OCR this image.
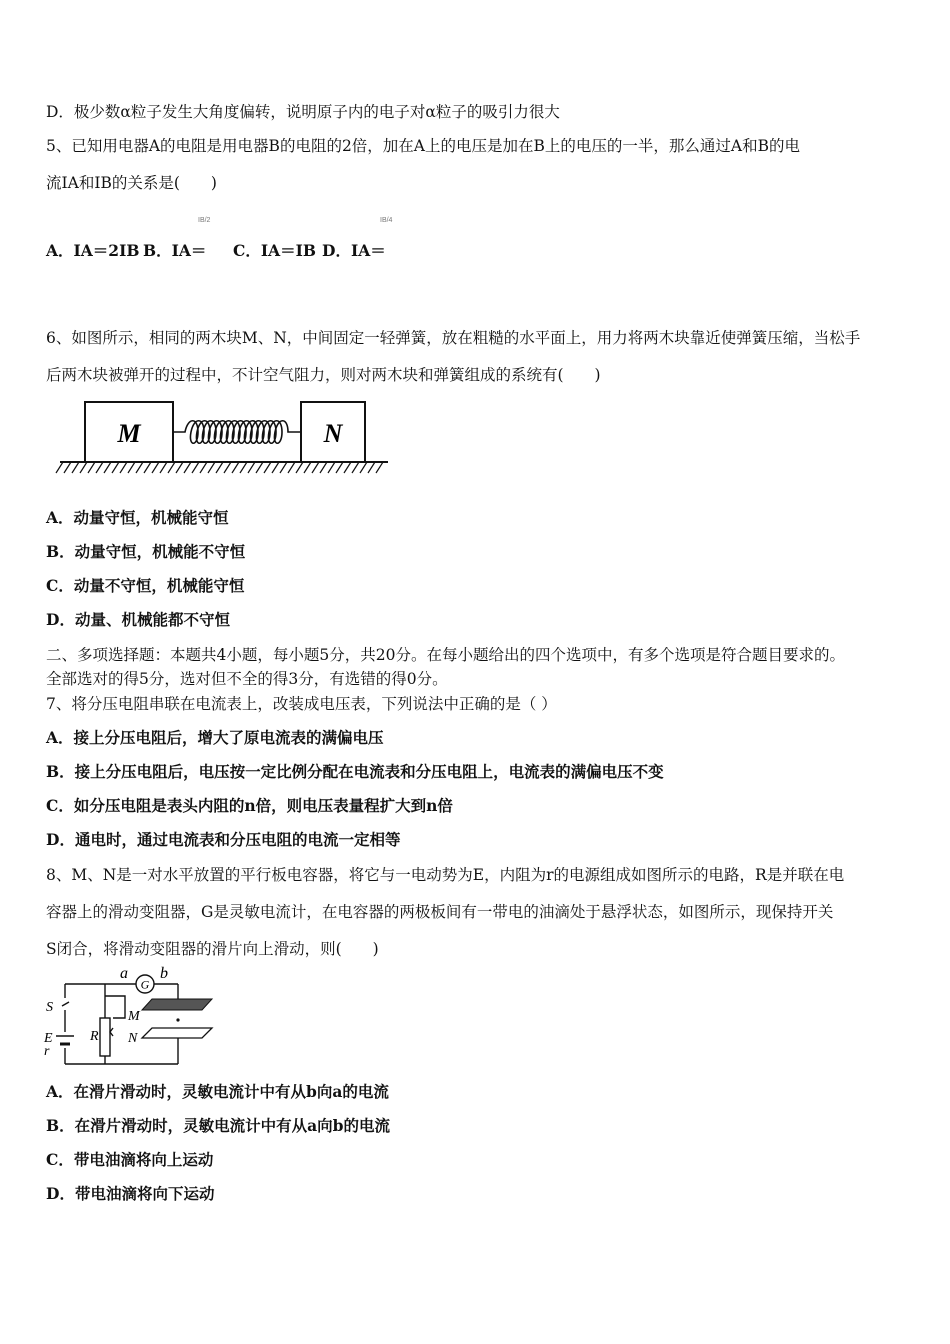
D．极少数α粒子发生大角度偏转，说明原子内的电子对α粒子的吸引力很大
5、已知用电器A的电阻是用电器B的电阻的2倍，加在A上的电压是加在B上的电压的一半，那么通过A和B的电
流IA和IB的关系是(　　)
A．IA＝2IB B．IA＝
IB/2
C．IA＝IB D．IA＝
IB/4
6、如图所示，相同的两木块M、N，中间固定一轻弹簧，放在粗糙的水平面上，用力将两木块靠近使弹簧压缩，当松手
后两木块被弹开的过程中，不计空气阻力，则对两木块和弹簧组成的系统有(　　)
M	N
A．动量守恒，机械能守恒
B．动量守恒，机械能不守恒
C．动量不守恒，机械能守恒
D．动量、机械能都不守恒
二、多项选择题：本题共4小题，每小题5分，共20分。在每小题给出的四个选项中，有多个选项是符合题目要求的。
全部选对的得5分，选对但不全的得3分，有选错的得0分。
7、将分压电阻串联在电流表上，改装成电压表，下列说法中正确的是（ ）
A．接上分压电阻后，增大了原电流表的满偏电压
B．接上分压电阻后，电压按一定比例分配在电流表和分压电阻上，电流表的满偏电压不变
C．如分压电阻是表头内阻的n倍，则电压表量程扩大到n倍
D．通电时，通过电流表和分压电阻的电流一定相等
8、M、N是一对水平放置的平行板电容器，将它与一电动势为E，内阻为r的电源组成如图所示的电路，R是并联在电
容器上的滑动变阻器，G是灵敏电流计，在电容器的两极板间有一带电的油滴处于悬浮状态，如图所示，现保持开关
S闭合，将滑动变阻器的滑片向上滑动，则(　　)
G
a b
S
R
M
N
E
r
A．在滑片滑动时，灵敏电流计中有从b向a的电流
B．在滑片滑动时，灵敏电流计中有从a向b的电流
C．带电油滴将向上运动
D．带电油滴将向下运动
